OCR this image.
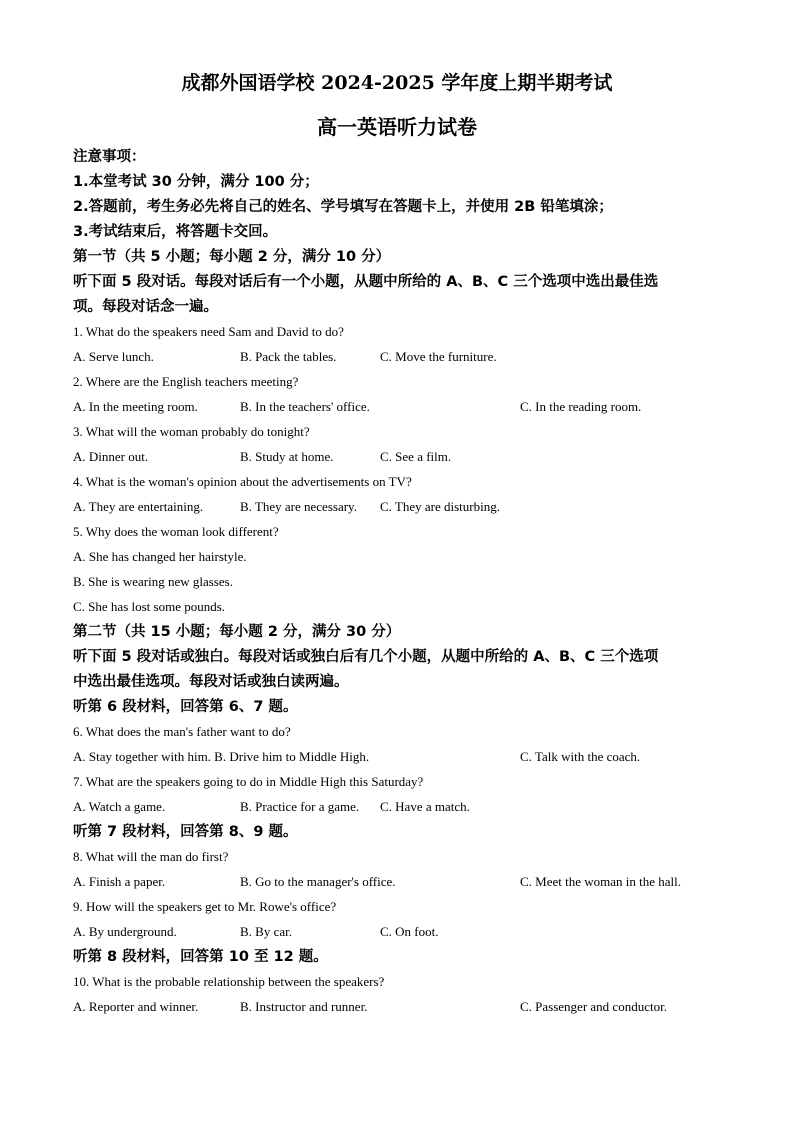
成都外国语学校 2024-2025 学年度上期半期考试
高一英语听力试卷
注意事项：
1.本堂考试 30 分钟，满分 100 分；
2.答题前，考生务必先将自己的姓名、学号填写在答题卡上，并使用 2B 铅笔填涂；
3.考试结束后，将答题卡交回。
第一节（共 5 小题；每小题 2 分，满分 10 分）
听下面 5 段对话。每段对话后有一个小题，从题中所给的 A、B、C 三个选项中选出最佳选
项。每段对话念一遍。
1. What do the speakers need Sam and David to do?
A. Serve lunch.	B. Pack the tables.	C. Move the furniture.
2. Where are the English teachers meeting?
A. In the meeting room.	B. In the teachers' office.	C. In the reading room.
3. What will the woman probably do tonight?
A. Dinner out.	B. Study at home.	C. See a film.
4. What is the woman's opinion about the advertisements on TV?
A. They are entertaining.	B. They are necessary. C. They are disturbing.
5. Why does the woman look different?
A. She has changed her hairstyle.
B. She is wearing new glasses.
C. She has lost some pounds.
第二节（共 15 小题；每小题 2 分，满分 30 分）
听下面 5 段对话或独白。每段对话或独白后有几个小题，从题中所给的 A、B、C 三个选项
中选出最佳选项。每段对话或独白读两遍。
听第 6 段材料，回答第 6、7 题。
6. What does the man's father want to do?
A. Stay together with him. B. Drive him to Middle High.	C. Talk with the coach.
7. What are the speakers going to do in Middle High this Saturday?
A. Watch a game.	B. Practice for a game. C. Have a match.
听第 7 段材料，回答第 8、9 题。
8. What will the man do first?
A. Finish a paper.	B. Go to the manager's office.	C. Meet the woman in the hall.
9. How will the speakers get to Mr. Rowe's office?
A. By underground.	B. By car.	C. On foot.
听第 8 段材料，回答第 10 至 12 题。
10. What is the probable relationship between the speakers?
A. Reporter and winner.	B. Instructor and runner.	C. Passenger and conductor.
